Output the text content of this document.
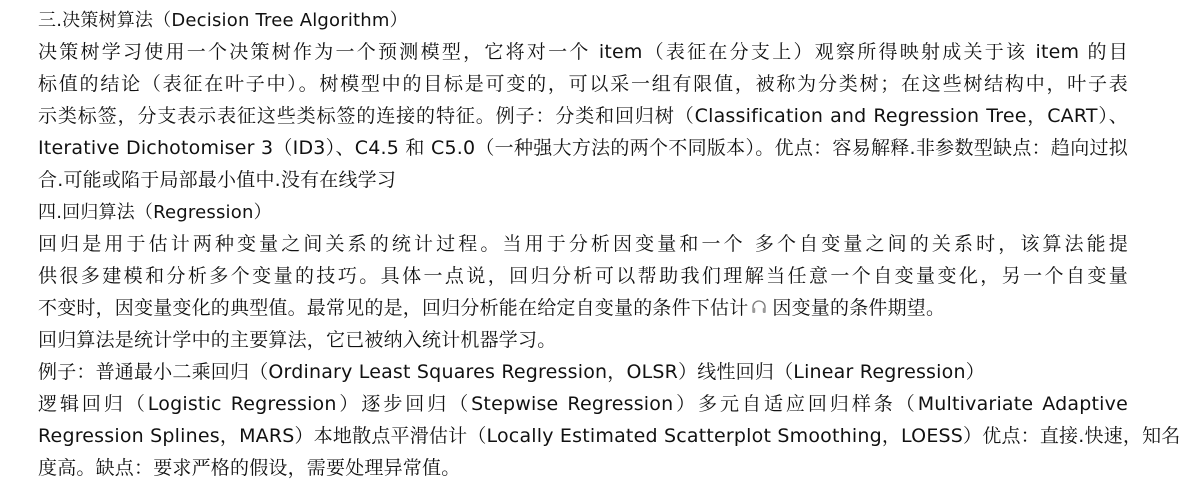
三.决策树算法（Decision Tree Algorithm）
决策树学习使用一个决策树作为一个预测模型，它将对一个 item（表征在分支上）观察所得映射成关于该 item 的目
标值的结论（表征在叶子中）。树模型中的目标是可变的，可以采一组有限值，被称为分类树；在这些树结构中，叶子表
示类标签，分支表示表征这些类标签的连接的特征。例子：分类和回归树（Classification and Regression Tree，CART）、
Iterative Dichotomiser 3（ID3）、C4.5 和 C5.0（一种强大方法的两个不同版本）。优点：容易解释.非参数型缺点：趋向过拟
合.可能或陷于局部最小值中.没有在线学习
四.回归算法（Regression）
回归是用于估计两种变量之间关系的统计过程。当用于分析因变量和一个 多个自变量之间的关系时，该算法能提
供很多建模和分析多个变量的技巧。具体一点说，回归分析可以帮助我们理解当任意一个自变量变化，另一个自变量
不变时，因变量变化的典型值。最常见的是，回归分析能在给定自变量的条件下估计 因变量的条件期望。
回归算法是统计学中的主要算法，它已被纳入统计机器学习。
例子：普通最小二乘回归（Ordinary Least Squares Regression，OLSR）线性回归（Linear Regression）
逻辑回归（Logistic Regression）逐步回归（Stepwise Regression）多元自适应回归样条（Multivariate Adaptive
Regression Splines，MARS）本地散点平滑估计（Locally Estimated Scatterplot Smoothing，LOESS）优点：直接.快速，知名
度高。缺点：要求严格的假设，需要处理异常值。
